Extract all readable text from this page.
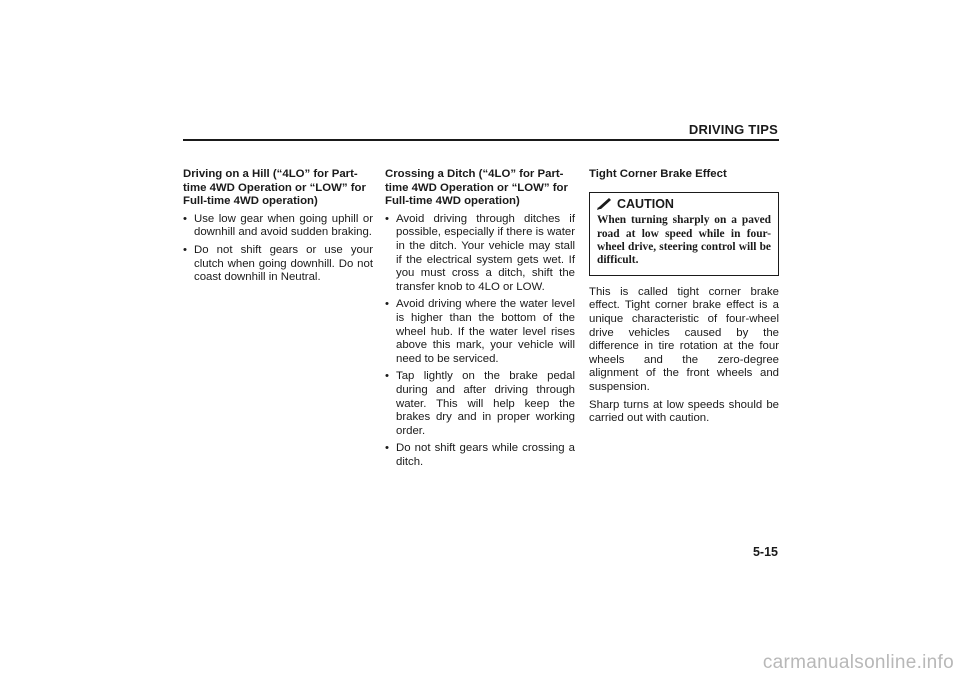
DRIVING TIPS

Driving on a Hill (“4LO” for Part-time 4WD Operation or “LOW” for Full-time 4WD operation)

• Use low gear when going uphill or downhill and avoid sudden braking.
• Do not shift gears or use your clutch when going downhill. Do not coast downhill in Neutral.

Crossing a Ditch (“4LO” for Part-time 4WD Operation or “LOW” for Full-time 4WD operation)

• Avoid driving through ditches if possible, especially if there is water in the ditch. Your vehicle may stall if the electrical system gets wet. If you must cross a ditch, shift the transfer knob to 4LO or LOW.
• Avoid driving where the water level is higher than the bottom of the wheel hub. If the water level rises above this mark, your vehicle will need to be serviced.
• Tap lightly on the brake pedal during and after driving through water. This will help keep the brakes dry and in proper working order.
• Do not shift gears while crossing a ditch.

Tight Corner Brake Effect

CAUTION
When turning sharply on a paved road at low speed while in four-wheel drive, steering control will be difficult.

This is called tight corner brake effect. Tight corner brake effect is a unique characteristic of four-wheel drive vehicles caused by the difference in tire rotation at the four wheels and the zero-degree alignment of the front wheels and suspension.

Sharp turns at low speeds should be carried out with caution.

5-15
carmanualsonline.info
